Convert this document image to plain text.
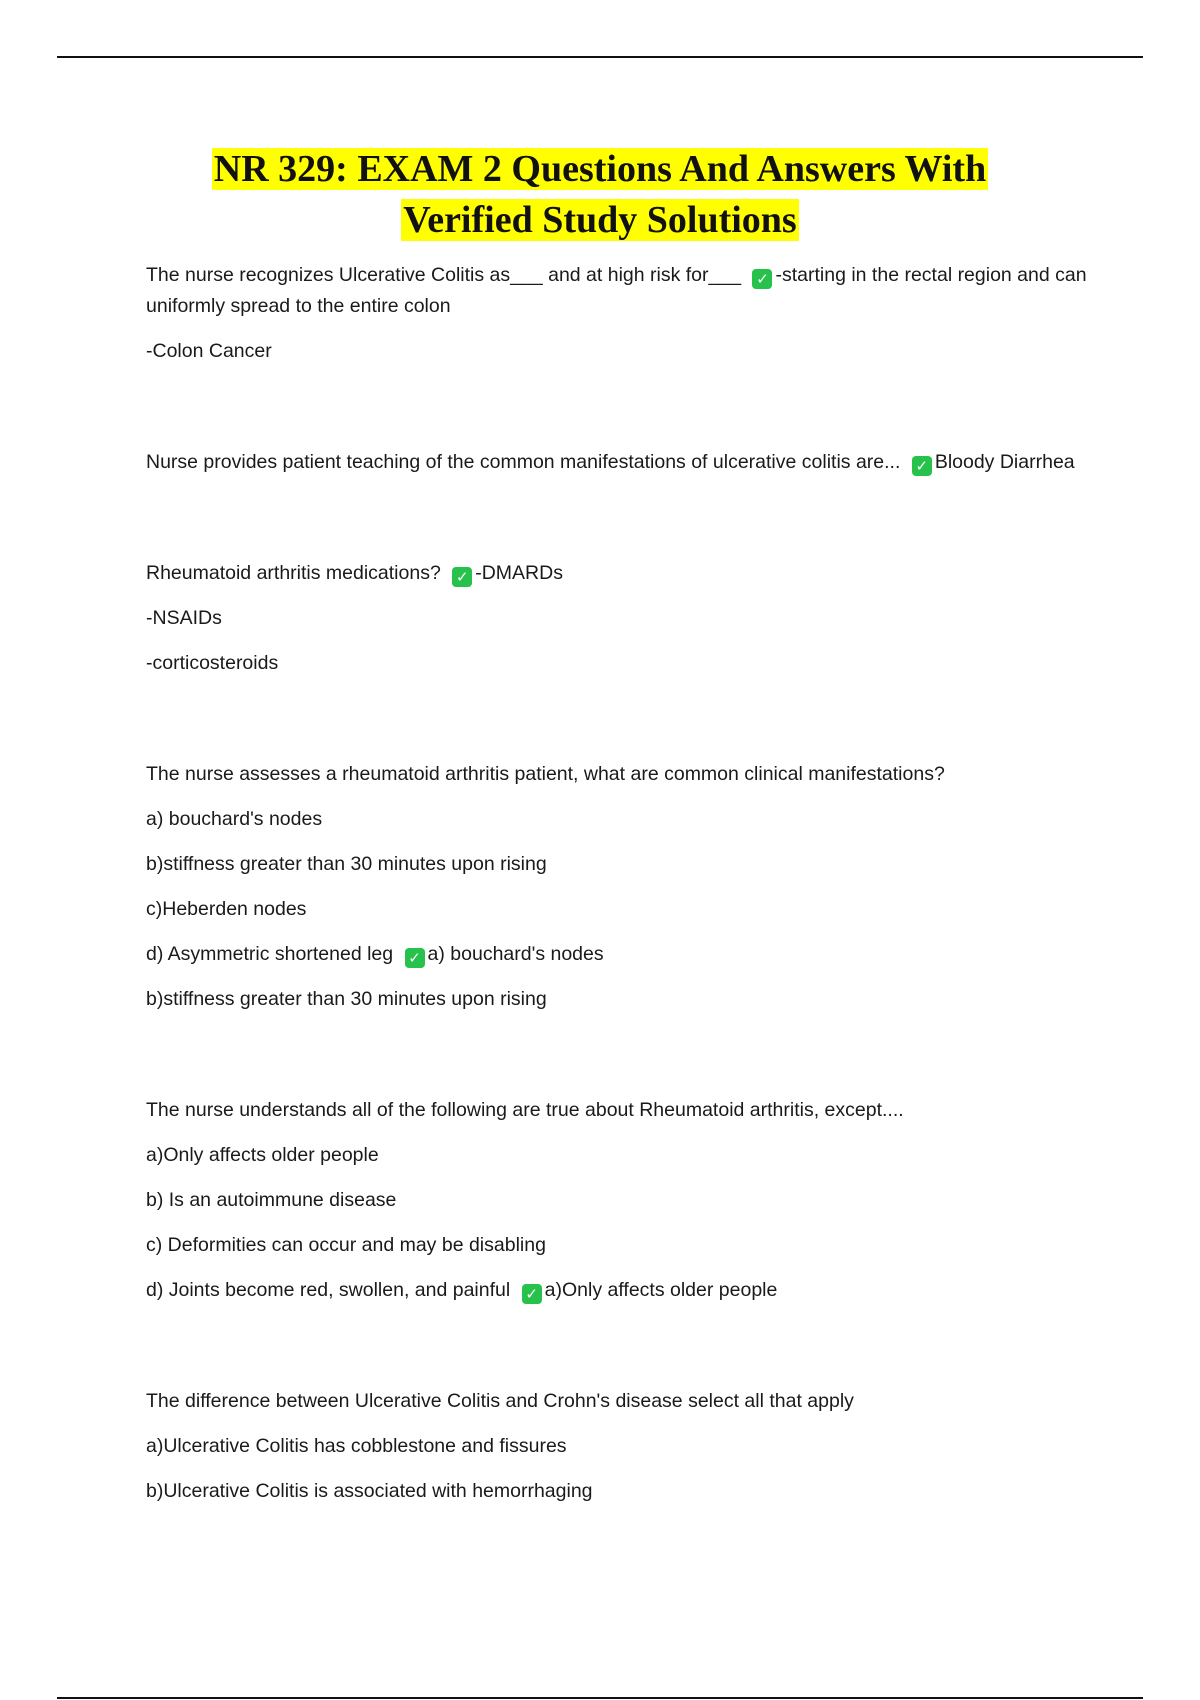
NR 329: EXAM 2 Questions And Answers With
Verified Study Solutions

The nurse recognizes Ulcerative Colitis as___ and at high risk for___ ✓ -starting in the rectal region and can uniformly spread to the entire colon

-Colon Cancer

Nurse provides patient teaching of the common manifestations of ulcerative colitis are... ✓ Bloody Diarrhea

Rheumatoid arthritis medications? ✓ -DMARDs

-NSAIDs

-corticosteroids

The nurse assesses a rheumatoid arthritis patient, what are common clinical manifestations?

a) bouchard's nodes

b)stiffness greater than 30 minutes upon rising

c)Heberden nodes

d) Asymmetric shortened leg ✓ a) bouchard's nodes

b)stiffness greater than 30 minutes upon rising

The nurse understands all of the following are true about Rheumatoid arthritis, except....

a)Only affects older people

b) Is an autoimmune disease

c) Deformities can occur and may be disabling

d) Joints become red, swollen, and painful ✓ a)Only affects older people

The difference between Ulcerative Colitis and Crohn's disease select all that apply

a)Ulcerative Colitis has cobblestone and fissures

b)Ulcerative Colitis is associated with hemorrhaging
